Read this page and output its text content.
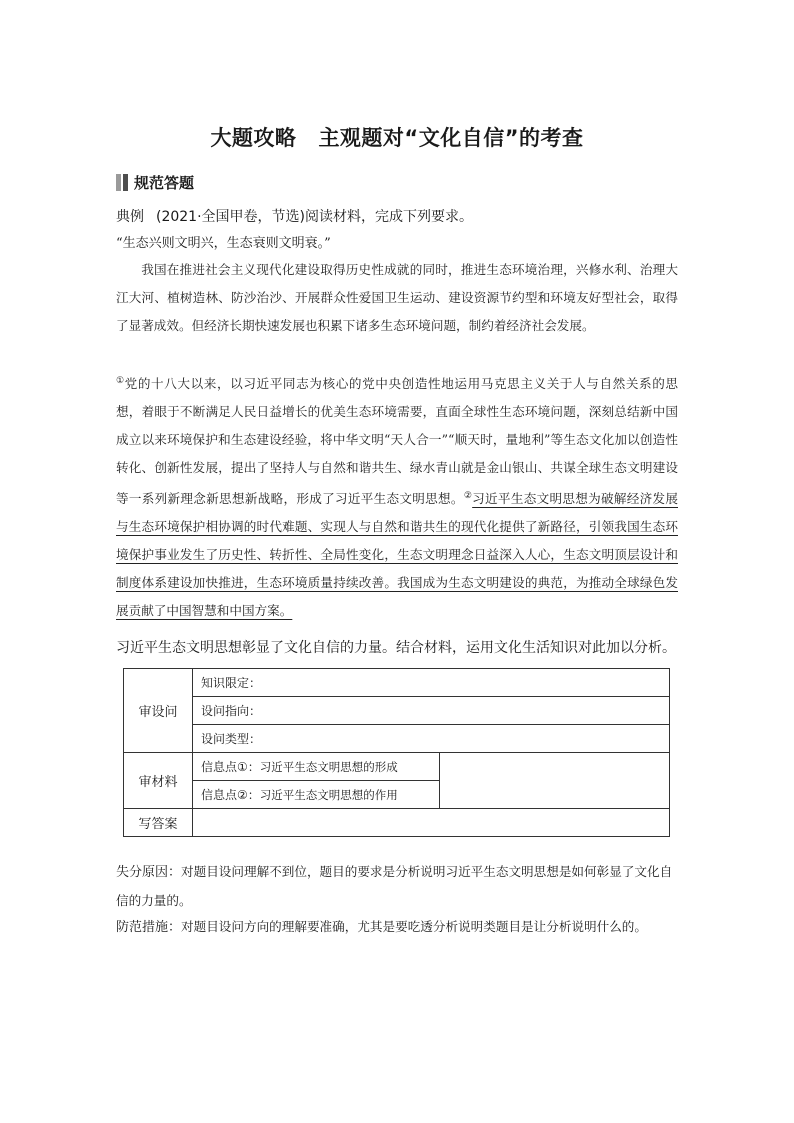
大题攻略 主观题对“文化自信”的考查
规范答题
典例 (2021·全国甲卷，节选)阅读材料，完成下列要求。
“生态兴则文明兴，生态衰则文明衰。”
我国在推进社会主义现代化建设取得历史性成就的同时，推进生态环境治理，兴修水利、治理大江大河、植树造林、防沙治沙、开展群众性爱国卫生运动、建设资源节约型和环境友好型社会，取得了显著成效。但经济长期快速发展也积累下诸多生态环境问题，制约着经济社会发展。
①党的十八大以来，以习近平同志为核心的党中央创造性地运用马克思主义关于人与自然关系的思想，着眼于不断满足人民日益增长的优美生态环境需要，直面全球性生态环境问题，深刻总结新中国成立以来环境保护和生态建设经验，将中华文明“天人合一”“顺天时，量地利”等生态文化加以创造性转化、创新性发展，提出了坚持人与自然和谐共生、绿水青山就是金山银山、共谋全球生态文明建设等一系列新理念新思想新战略，形成了习近平生态文明思想。②习近平生态文明思想为破解经济发展与生态环境保护相协调的时代难题、实现人与自然和谐共生的现代化提供了新路径，引领我国生态环境保护事业发生了历史性、转折性、全局性变化，生态文明理念日益深入人心，生态文明顶层设计和制度体系建设加快推进，生态环境质量持续改善。我国成为生态文明建设的典范，为推动全球绿色发展贡献了中国智慧和中国方案。
习近平生态文明思想彰显了文化自信的力量。结合材料，运用文化生活知识对此加以分析。
审设问	知识限定：	
	设问指向：	
	设问类型：	
审材料	信息点①：习近平生态文明思想的形成	
	信息点②：习近平生态文明思想的作用	
写答案		
失分原因：对题目设问理解不到位，题目的要求是分析说明习近平生态文明思想是如何彰显了文化自信的力量的。
防范措施：对题目设问方向的理解要准确，尤其是要吃透分析说明类题目是让分析说明什么的。
